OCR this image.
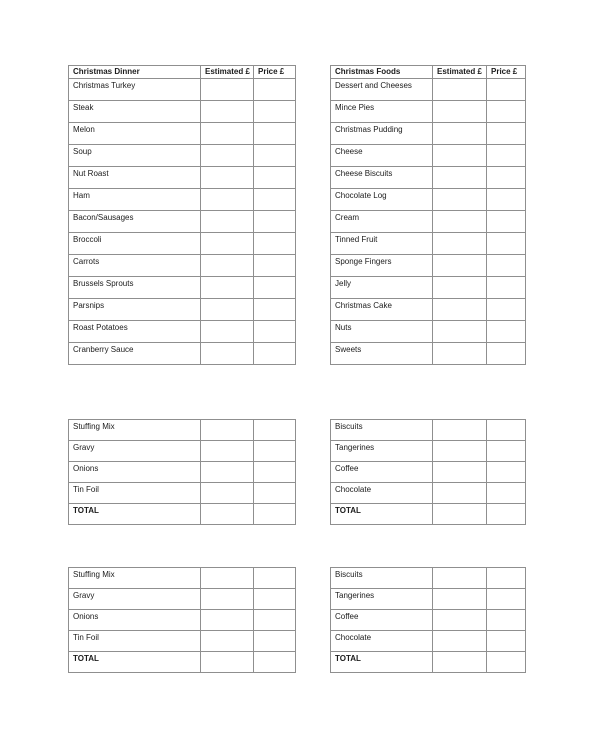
Christmas Dinner	Estimated £	Price £
Christmas Turkey		
Steak		
Melon		
Soup		
Nut Roast		
Ham		
Bacon/Sausages		
Broccoli		
Carrots		
Brussels Sprouts		
Parsnips		
Roast Potatoes		
Cranberry Sauce		
Christmas Foods	Estimated £	Price £
Dessert and Cheeses		
Mince Pies		
Christmas Pudding		
Cheese		
Cheese Biscuits		
Chocolate Log		
Cream		
Tinned Fruit		
Sponge Fingers		
Jelly		
Christmas Cake		
Nuts		
Sweets		
Stuffing Mix		
Gravy		
Onions		
Tin Foil		
TOTAL		
Biscuits		
Tangerines		
Coffee		
Chocolate		
TOTAL		
Stuffing Mix		
Gravy		
Onions		
Tin Foil		
TOTAL		
Biscuits		
Tangerines		
Coffee		
Chocolate		
TOTAL		
